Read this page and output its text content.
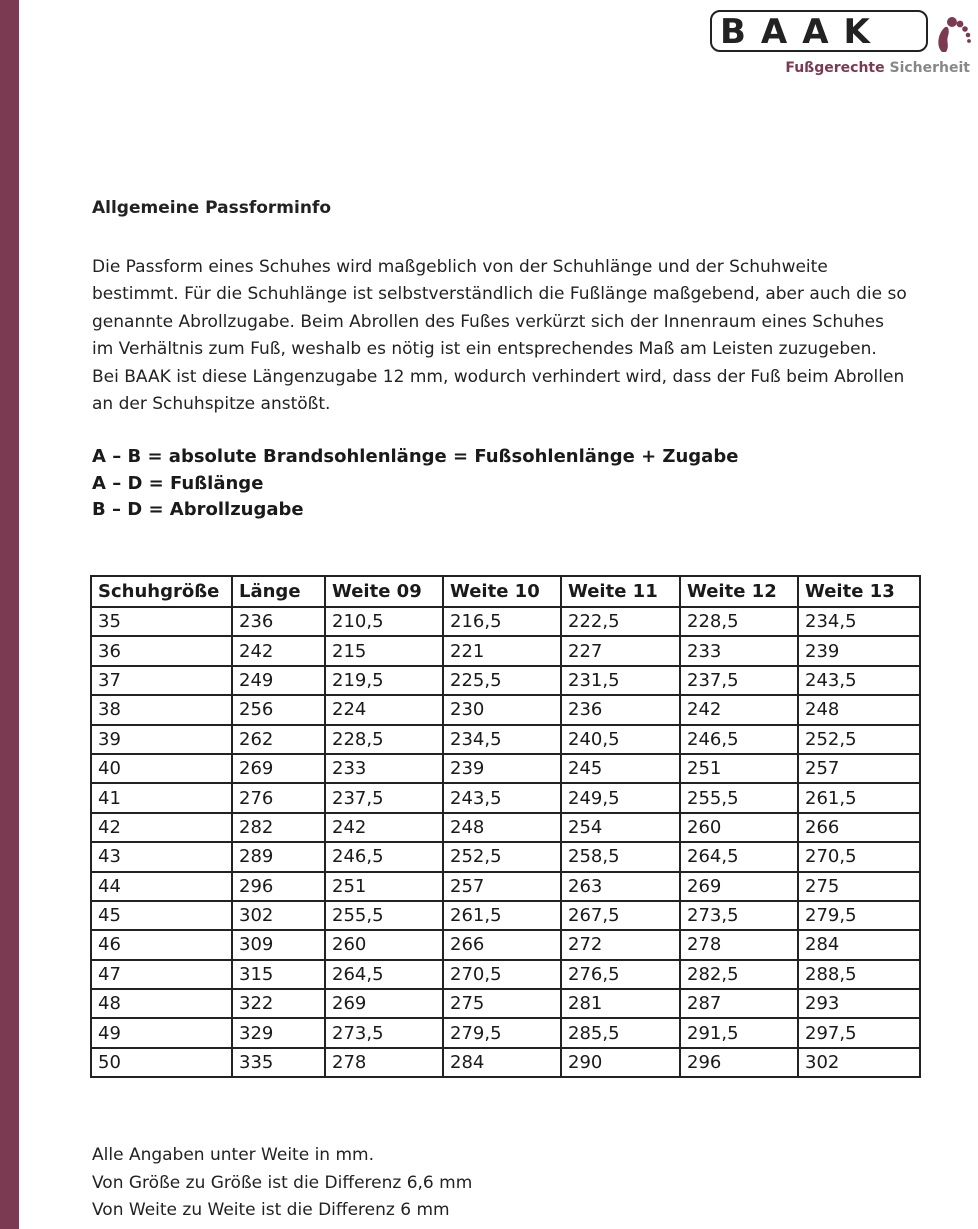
BAAK
Fußgerechte Sicherheit
Allgemeine Passforminfo

Die Passform eines Schuhes wird maßgeblich von der Schuhlänge und der Schuhweite
bestimmt. Für die Schuhlänge ist selbstverständlich die Fußlänge maßgebend, aber auch die so
genannte Abrollzugabe. Beim Abrollen des Fußes verkürzt sich der Innenraum eines Schuhes
im Verhältnis zum Fuß, weshalb es nötig ist ein entsprechendes Maß am Leisten zuzugeben.
Bei BAAK ist diese Längenzugabe 12 mm, wodurch verhindert wird, dass der Fuß beim Abrollen
an der Schuhspitze anstößt.

A – B = absolute Brandsohlenlänge = Fußsohlenlänge + Zugabe
A – D = Fußlänge
B – D = Abrollzugabe
Schuhgröße	Länge	Weite 09	Weite 10	Weite 11	Weite 12	Weite 13
35	236	210,5	216,5	222,5	228,5	234,5
36	242	215	221	227	233	239
37	249	219,5	225,5	231,5	237,5	243,5
38	256	224	230	236	242	248
39	262	228,5	234,5	240,5	246,5	252,5
40	269	233	239	245	251	257
41	276	237,5	243,5	249,5	255,5	261,5
42	282	242	248	254	260	266
43	289	246,5	252,5	258,5	264,5	270,5
44	296	251	257	263	269	275
45	302	255,5	261,5	267,5	273,5	279,5
46	309	260	266	272	278	284
47	315	264,5	270,5	276,5	282,5	288,5
48	322	269	275	281	287	293
49	329	273,5	279,5	285,5	291,5	297,5
50	335	278	284	290	296	302
Alle Angaben unter Weite in mm.
Von Größe zu Größe ist die Differenz 6,6 mm
Von Weite zu Weite ist die Differenz 6 mm
